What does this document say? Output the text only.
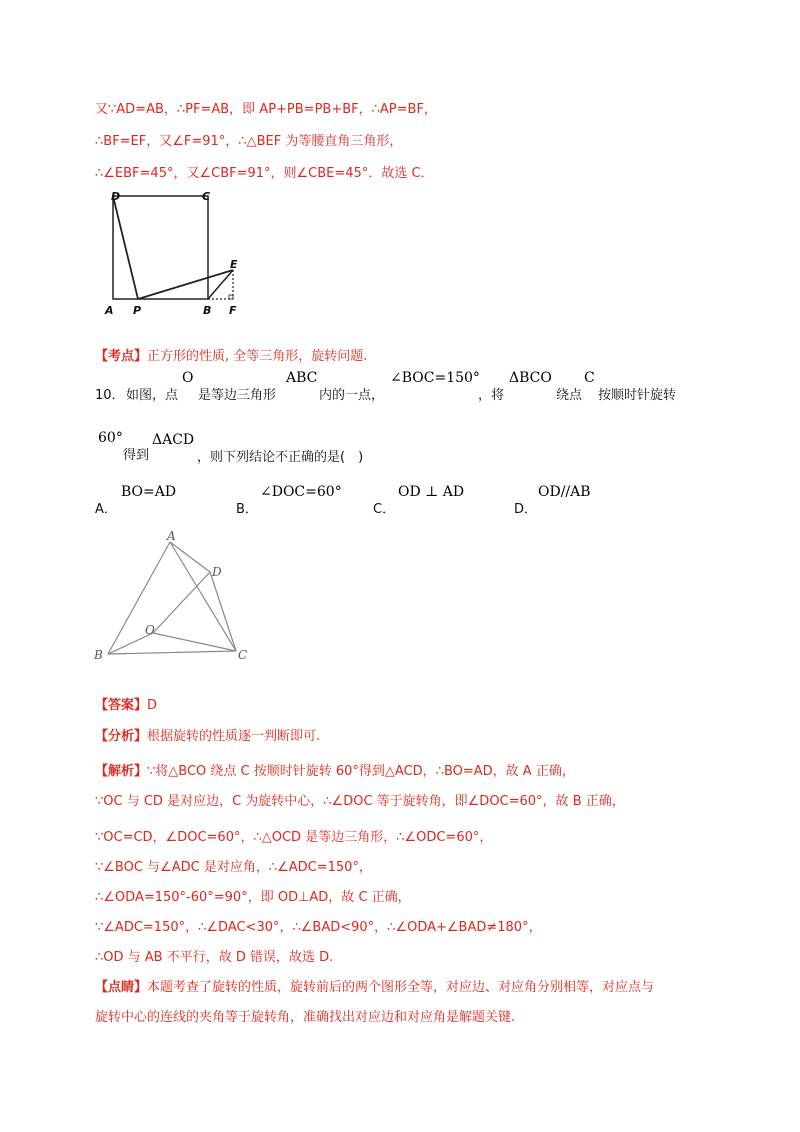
又∵AD=AB，∴PF=AB，即 AP+PB=PB+BF，∴AP=BF，
∴BF=EF，又∠F=91°，∴△BEF 为等腰直角三角形，
∴∠EBF=45°，又∠CBF=91°，则∠CBE=45°．故选 C．
D	C
A P	B F
E
【考点】正方形的性质, 全等三角形，旋转问题.
10． 如图，点
O
是等边三角形
ABC
内的一点，
∠BOC=150°
，将
ΔBCO
绕点
C
按顺时针旋转
60°
得到
ΔACD
，则下列结论不正确的是(　)
A．
BO=AD
B．
∠DOC=60°
C．
OD ⊥ AD
D．
OD//AB
A
D
O
B	C
【答案】D
【分析】根据旋转的性质逐一判断即可.
【解析】∵将△BCO 绕点 C 按顺时针旋转 60°得到△ACD，∴BO=AD，故 A 正确，
∵OC 与 CD 是对应边，C 为旋转中心，∴∠DOC 等于旋转角，即∠DOC=60°，故 B 正确，
∵OC=CD，∠DOC=60°，∴△OCD 是等边三角形，∴∠ODC=60°，
∵∠BOC 与∠ADC 是对应角，∴∠ADC=150°，
∴∠ODA=150°-60°=90°，即 OD⊥AD，故 C 正确，
∵∠ADC=150°，∴∠DAC<30°，∴∠BAD<90°，∴∠ODA+∠BAD≠180°，
∴OD 与 AB 不平行，故 D 错误，故选 D.
【点睛】本题考查了旋转的性质，旋转前后的两个图形全等，对应边、对应角分别相等，对应点与
旋转中心的连线的夹角等于旋转角，准确找出对应边和对应角是解题关键.
